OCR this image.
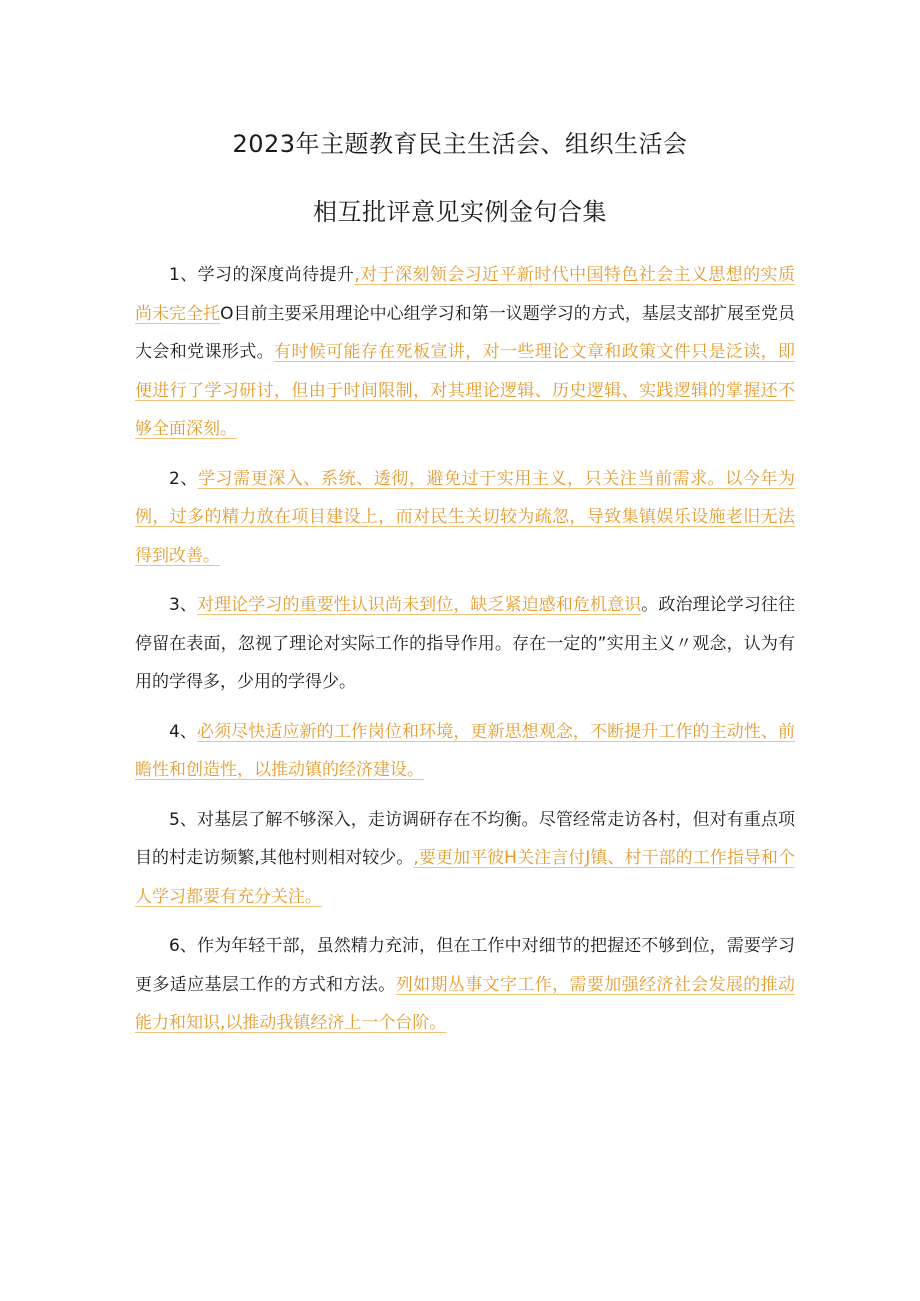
2023年主题教育民主生活会、组织生活会
相互批评意见实例金句合集

1、学习的深度尚待提升,对于深刻领会习近平新时代中国特色社会主义思想的实质尚未完全托O目前主要采用理论中心组学习和第一议题学习的方式，基层支部扩展至党员大会和党课形式。有时候可能存在死板宣讲，对一些理论文章和政策文件只是泛读，即便进行了学习研讨，但由于时间限制，对其理论逻辑、历史逻辑、实践逻辑的掌握还不够全面深刻。

2、学习需更深入、系统、透彻，避免过于实用主义，只关注当前需求。以今年为例，过多的精力放在项目建设上，而对民生关切较为疏忽，导致集镇娱乐设施老旧无法得到改善。

3、对理论学习的重要性认识尚未到位，缺乏紧迫感和危机意识。政治理论学习往往停留在表面，忽视了理论对实际工作的指导作用。存在一定的”实用主义〃观念，认为有用的学得多，少用的学得少。

4、必须尽快适应新的工作岗位和环境，更新思想观念，不断提升工作的主动性、前瞻性和创造性，以推动镇的经济建设。

5、对基层了解不够深入，走访调研存在不均衡。尽管经常走访各村，但对有重点项目的村走访频繁,其他村则相对较少。,要更加平彼H关注言付J镇、村干部的工作指导和个人学习都要有充分关注。

6、作为年轻干部，虽然精力充沛，但在工作中对细节的把握还不够到位，需要学习更多适应基层工作的方式和方法。列如期丛事文字工作，需要加强经济社会发展的推动能力和知识,以推动我镇经济上一个台阶。
